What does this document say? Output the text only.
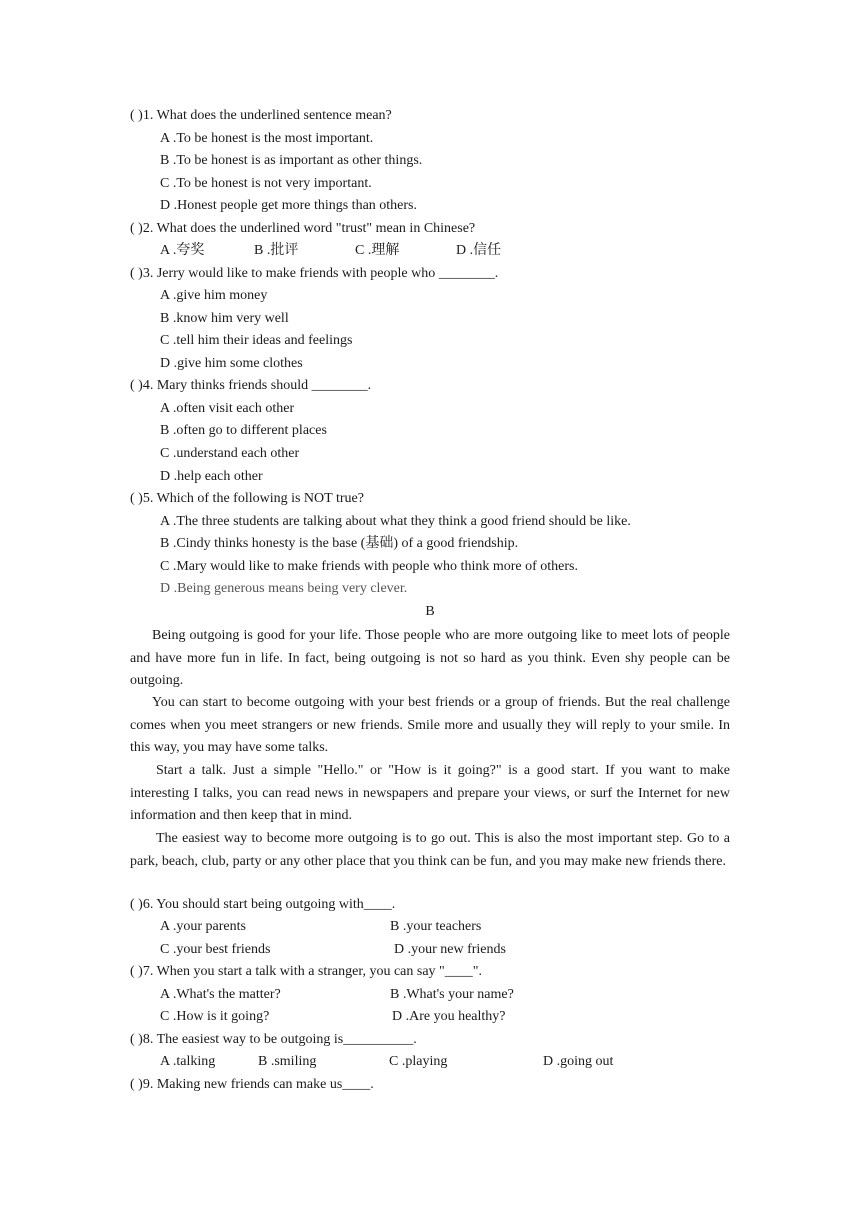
( )1. What does the underlined sentence mean?
A .To be honest is the most important.
B .To be honest is as important as other things.
C .To be honest is not very important.
D .Honest people get more things than others.
( )2. What does the underlined word "trust" mean in Chinese?
A .夸奖	B .批评	C .理解	D .信任
( )3. Jerry would like to make friends with people who ________.
A .give him money
B .know him very well
C .tell him their ideas and feelings
D .give him some clothes
( )4. Mary thinks friends should ________.
A .often visit each other
B .often go to different places
C .understand each other
D .help each other
( )5. Which of the following is NOT true?
A .The three students are talking about what they think a good friend should be like.
B .Cindy thinks honesty is the base (基础) of a good friendship.
C .Mary would like to make friends with people who think more of others.
D .Being generous means being very clever.
B

Being outgoing is good for your life. Those people who are more outgoing like to meet lots of people and have more fun in life. In fact, being outgoing is not so hard as you think. Even shy people can be outgoing.

You can start to become outgoing with your best friends or a group of friends. But the real challenge comes when you meet strangers or new friends. Smile more and usually they will reply to your smile. In this way, you may have some talks.

Start a talk. Just a simple "Hello." or "How is it going?" is a good start. If you want to make interesting I talks, you can read news in newspapers and prepare your views, or surf the Internet for new information and then keep that in mind.

The easiest way to become more outgoing is to go out. This is also the most important step. Go to a park, beach, club, party or any other place that you think can be fun, and you may make new friends there.

( )6. You should start being outgoing with____.
A .your parents	B .your teachers
C .your best friends	D .your new friends
( )7. When you start a talk with a stranger, you can say "____".
A .What's the matter?	B .What's your name?
C .How is it going?	D .Are you healthy?
( )8. The easiest way to be outgoing is__________.
A .talking	B .smiling	C .playing	D .going out
( )9. Making new friends can make us____.
